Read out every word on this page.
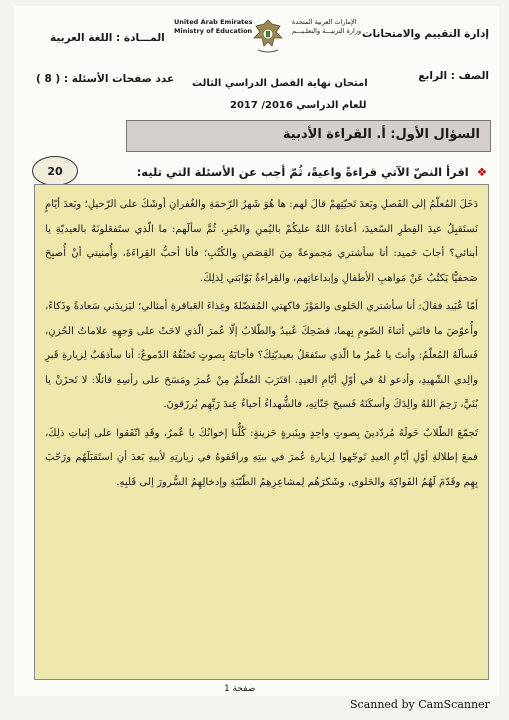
إدارة التقييم والامتحانات
الصف : الرابع
المـــادة : اللغة العربية
عدد صفحات الأسئلة : ( 8 )
United Arab Emirates
Ministry of Education
الإمارات العربية المتحدة
وزارة التربيـــة والتعلـيـــم
امتحان نهاية الفصل الدراسي الثالث
للعام الدراسي 2016/ 2017
السؤال الأول: أ. القراءة الأدبية
20	❖ اقرأ النصّ الآتي قراءةً واعيةً، ثُمّ أجب عن الأسئلة التي تليه:

دَخَلَ المُعلّمُ إلى الفَصلِ وبَعدَ تَحيّتِهمْ قالَ لهم: ها هُوَ شَهرُ الرّحمَةِ والغُفرانِ أوشَكَ على الرّحيلِ؛ وبَعدَ أيّامٍ نَستَقبِلُ عيدَ الفِطرِ السّعيدَ، أعادَهُ اللهُ عليكُمْ باليُمنِ والخَيرِ، ثُمَّ سألَهم: ما الّذي ستَفعَلونَهُ بالعيديّةِ يا أبنائي؟ أجابَ حَميد: أنا سأشتري مَجموعةً مِنَ القِصَصِ والكُتُبِ؛ فأنا أحبُّ القِراءَةَ، وأُمنيتي أنْ أُصبِحَ صَحفيًّا يَكتُبُ عَنْ مَواهبِ الأطفالِ وإبداعاتِهم، والقِراءةُ بَوّابَتي لِذلِكَ.

أمّا عُبَيد فقالَ: أنا سأشتري الحَلوى والمَوْزَ فاكهتي المُفضّلةَ وغِذاءَ العَباقرةِ أمثالي؛ ليَزيدَني سَعادةً وذَكاءً، وأُعوّضَ ما فاتَني أثناءَ الصّومِ بِهما، فضَحِكَ عُبيدٌ والطّلابُ إلّا عُمرَ الّذي لاحَتْ على وَجهِهِ علاماتُ الحُزنِ، فَسألَهُ المُعلّمُ: وأنتَ يا عُمرُ ما الّذي ستَفعَلُ بعيديّتِكَ؟ فأجابَهُ بِصوتٍ تَخنُقُهُ الدّموعُ: أنا سأذهَبُ لِزيارةِ قَبرِ والِدي الشّهيدِ، وأدعو لهُ في أوّلِ أيّامِ العيدِ. اقتَرَبَ المُعلّمُ مِنْ عُمرَ ومَسَحَ على رأسِهِ قائلًا: لا تَحزَنْ يا بُنَيَّ، رَحِمَ اللهُ والِدَكَ وأسكَنَهُ فَسيحَ جَنّاتِهِ، فالشُّهداءُ أحياءٌ عِندَ رَبِّهِم يُرزَقونَ.

تَجمّعَ الطّلابُ حَولَهُ مُردّدينَ بِصوتٍ واحِدٍ وبِنَبرةٍ حَزينةٍ: كُلُّنا إخوانُكَ يا عُمرُ، وقَدِ اتّفَقوا على إثباتِ ذلِكَ، فمعَ إطلالةِ أوّلِ أيّامِ العيدِ تَوجّهوا لِزيارةِ عُمرَ في بيتِهِ ورافَقوهُ في زيارتِهِ لأبيهِ بَعدَ أنِ استَقبَلَهُم ورَحّبَ بِهِم وقَدّمَ لَهُمُ الفَواكِهَ والحَلوى، وشَكرَهُم لِمشاعِرِهِمُ الطّيّبَةِ وإدخالِهِمُ السُّرورَ إلى قَلبِهِ.

صفحة 1
Scanned by CamScanner
